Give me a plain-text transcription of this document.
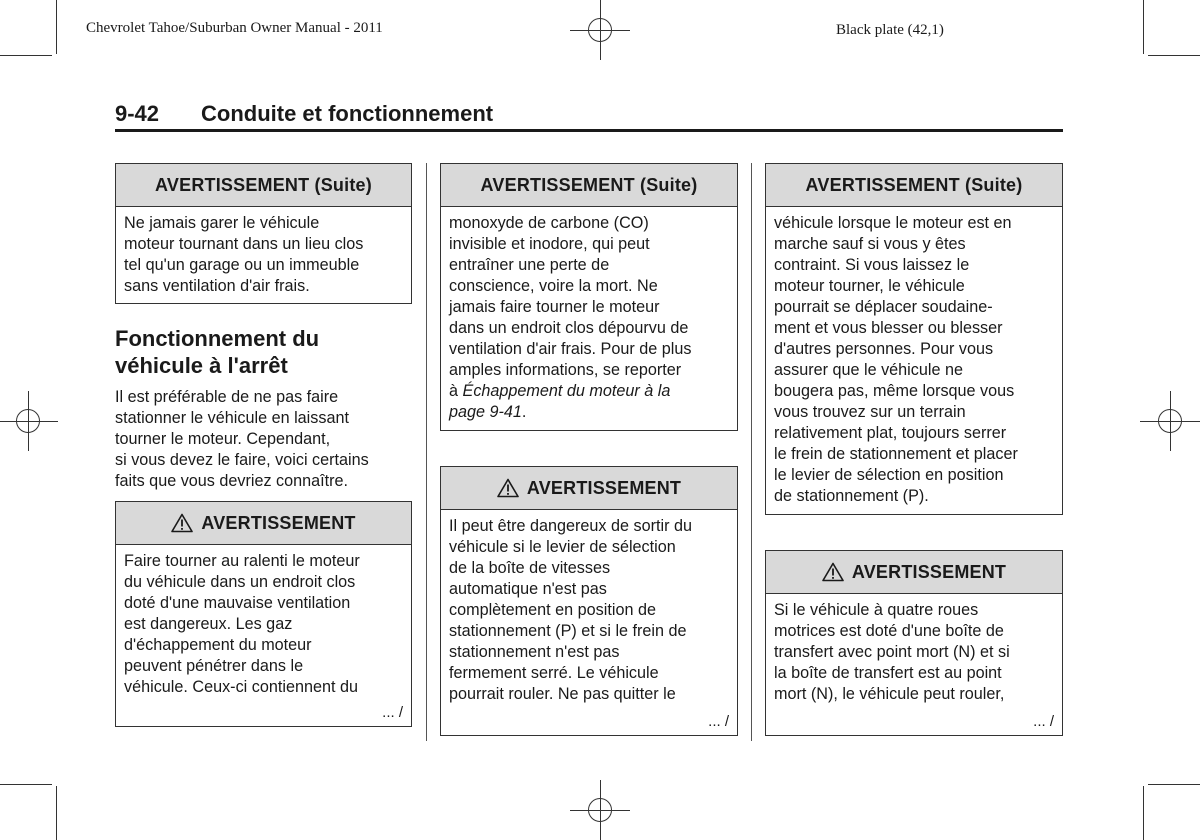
Chevrolet Tahoe/Suburban Owner Manual - 2011	Black plate (42,1)
9-42 Conduite et fonctionnement
AVERTISSEMENT (Suite)
Ne jamais garer le véhicule
moteur tournant dans un lieu clos
tel qu'un garage ou un immeuble
sans ventilation d'air frais.
Fonctionnement du
véhicule à l'arrêt
Il est préférable de ne pas faire
stationner le véhicule en laissant
tourner le moteur. Cependant,
si vous devez le faire, voici certains
faits que vous devriez connaître.
AVERTISSEMENT
Faire tourner au ralenti le moteur
du véhicule dans un endroit clos
doté d'une mauvaise ventilation
est dangereux. Les gaz
d'échappement du moteur
peuvent pénétrer dans le
véhicule. Ceux-ci contiennent du
... /
AVERTISSEMENT (Suite)
monoxyde de carbone (CO)
invisible et inodore, qui peut
entraîner une perte de
conscience, voire la mort. Ne
jamais faire tourner le moteur
dans un endroit clos dépourvu de
ventilation d'air frais. Pour de plus
amples informations, se reporter
à Échappement du moteur à la
page 9-41.
AVERTISSEMENT
Il peut être dangereux de sortir du
véhicule si le levier de sélection
de la boîte de vitesses
automatique n'est pas
complètement en position de
stationnement (P) et si le frein de
stationnement n'est pas
fermement serré. Le véhicule
pourrait rouler. Ne pas quitter le
... /
AVERTISSEMENT (Suite)
véhicule lorsque le moteur est en
marche sauf si vous y êtes
contraint. Si vous laissez le
moteur tourner, le véhicule
pourrait se déplacer soudaine-
ment et vous blesser ou blesser
d'autres personnes. Pour vous
assurer que le véhicule ne
bougera pas, même lorsque vous
vous trouvez sur un terrain
relativement plat, toujours serrer
le frein de stationnement et placer
le levier de sélection en position
de stationnement (P).
AVERTISSEMENT
Si le véhicule à quatre roues
motrices est doté d'une boîte de
transfert avec point mort (N) et si
la boîte de transfert est au point
mort (N), le véhicule peut rouler,
... /
